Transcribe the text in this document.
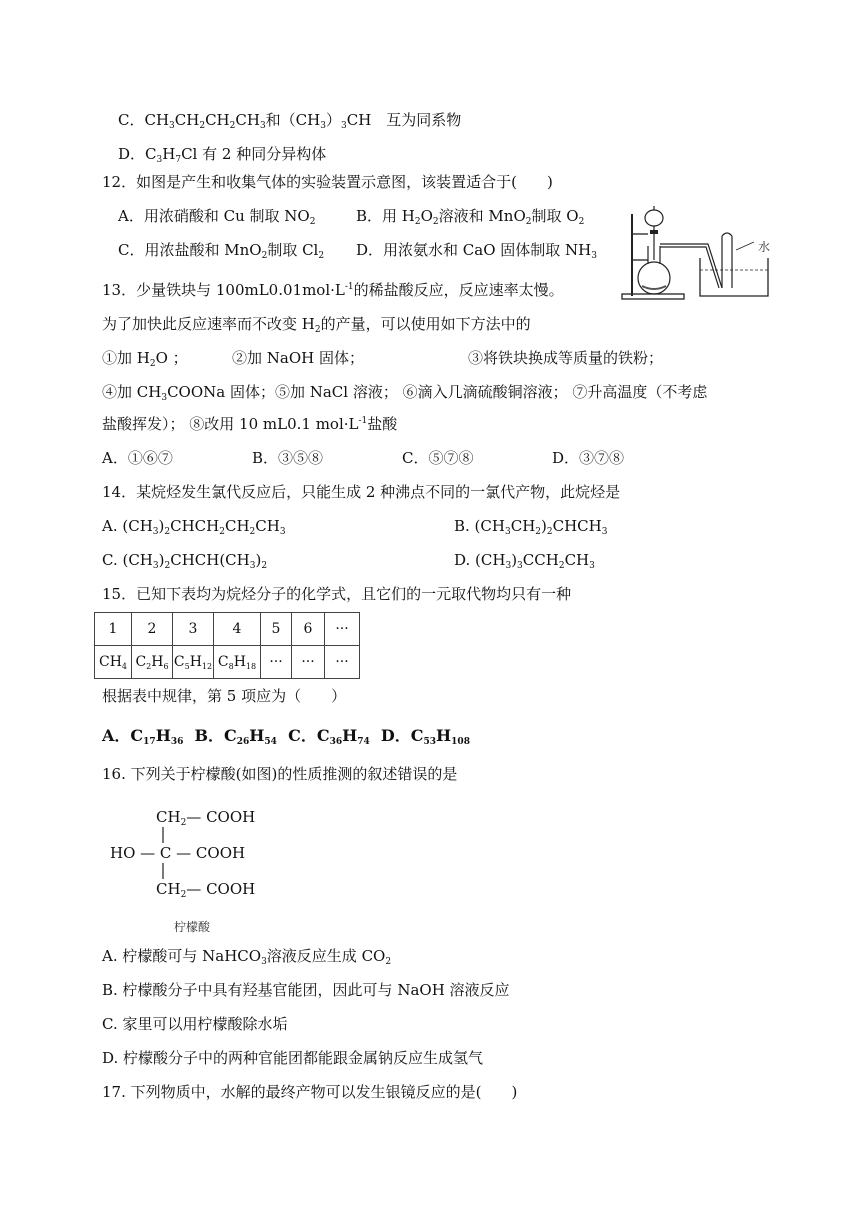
C．$CH_3CH_2CH_2CH_3$和$(CH_3)_3CH$　互为同系物
D．$C_3H_7Cl$ 有 2 种同分异构体
12．如图是产生和收集气体的实验装置示意图，该装置适合于(　　)
A．用浓硝酸和 Cu 制取 $NO_2$	B．用 $H_2O_2$溶液和 MnO$_2$制取 $O_2$
C．用浓盐酸和 MnO$_2$制取 $Cl_2$ D．用浓氨水和 CaO 固体制取 $NH_3$
水
13．少量铁块与 $100mL0.01mol\cdot L^{-1}$的稀盐酸反应，反应速率太慢。
为了加快此反应速率而不改变 $H_2$的产量，可以使用如下方法中的
①加 $H_2O$ ；	②加 NaOH 固体；	③将铁块换成等质量的铁粉；
④加 $CH_3COONa$ 固体；⑤加 NaCl 溶液； ⑥滴入几滴硫酸铜溶液； ⑦升高温度（不考虑
盐酸挥发）； ⑧改用 10 mL0.1 $mol\cdot L^{-1}$盐酸
A．①⑥⑦	B．③⑤⑧	C．⑤⑦⑧	D．③⑦⑧
14．某烷烃发生氯代反应后，只能生成 2 种沸点不同的一氯代产物，此烷烃是
A. $(CH_3)_2CHCH_2CH_2CH_3$	B. $(CH_3CH_2)_2CHCH_3$
C. $(CH_3)_2CHCH(CH_3)_2$	D. $(CH_3)_3CCH_2CH_3$
15．已知下表均为烷烃分子的化学式，且它们的一元取代物均只有一种
1	2	3	4	5	6	···
$CH_4$	$C_2H_6$	$C_5H_{12}$	$C_8H_{18}$	···	···	···
根据表中规律，第 5 项应为（　　）
A．$C_{17}H_{36}$ B．$C_{26}H_{54}$ C．$C_{36}H_{74}$ D．$C_{53}H_{108}$
16. 下列关于柠檬酸(如图)的性质推测的叙述错误的是
$CH_2—$ COOH
HO — C — COOH
$CH_2—$ COOH
柠檬酸
A. 柠檬酸可与 NaHCO$_3$溶液反应生成 $CO_2$
B. 柠檬酸分子中具有羟基官能团，因此可与 NaOH 溶液反应
C. 家里可以用柠檬酸除水垢
D. 柠檬酸分子中的两种官能团都能跟金属钠反应生成氢气
17. 下列物质中，水解的最终产物可以发生银镜反应的是(　　)
